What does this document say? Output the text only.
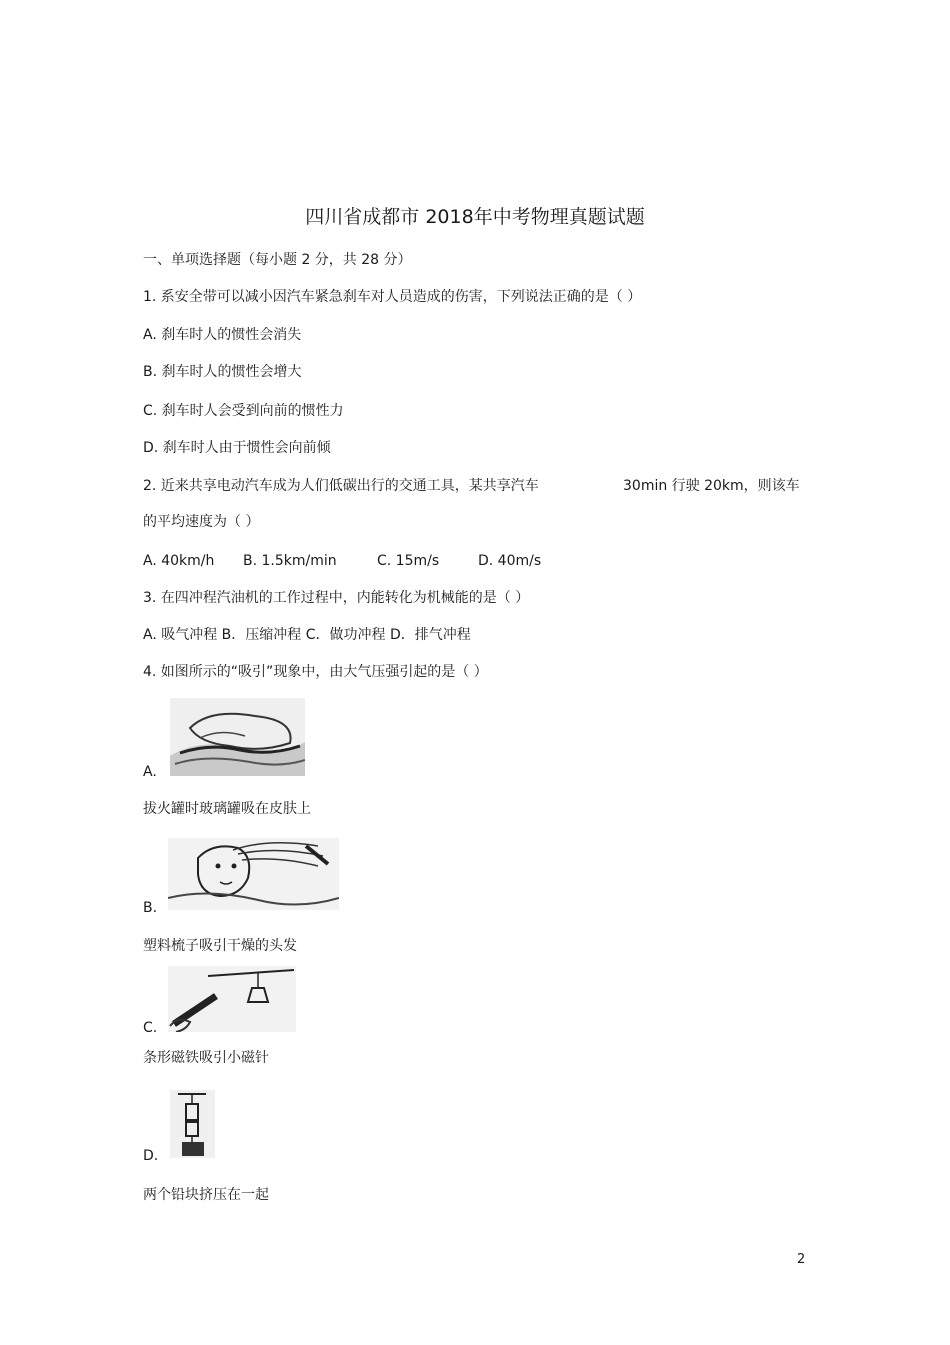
四川省成都市 2018年中考物理真题试题
一、单项选择题（每小题 2 分，共 28 分）
1. 系安全带可以减小因汽车紧急刹车对人员造成的伤害，下列说法正确的是（ ）
A. 刹车时人的惯性会消失
B. 刹车时人的惯性会增大
C. 刹车时人会受到向前的惯性力
D. 刹车时人由于惯性会向前倾
2. 近来共享电动汽车成为人们低碳出行的交通工具，某共享汽车	30min 行驶 20km，则该车
的平均速度为（ ）
A. 40km/h B. 1.5km/min	C. 15m/s	D. 40m/s
3. 在四冲程汽油机的工作过程中，内能转化为机械能的是（ ）
A. 吸气冲程 B．压缩冲程 C．做功冲程 D．排气冲程
4. 如图所示的“吸引”现象中，由大气压强引起的是（ ）
A.
拔火罐时玻璃罐吸在皮肤上
B.
塑料梳子吸引干燥的头发
C.
条形磁铁吸引小磁针
D.
两个铅块挤压在一起
2
